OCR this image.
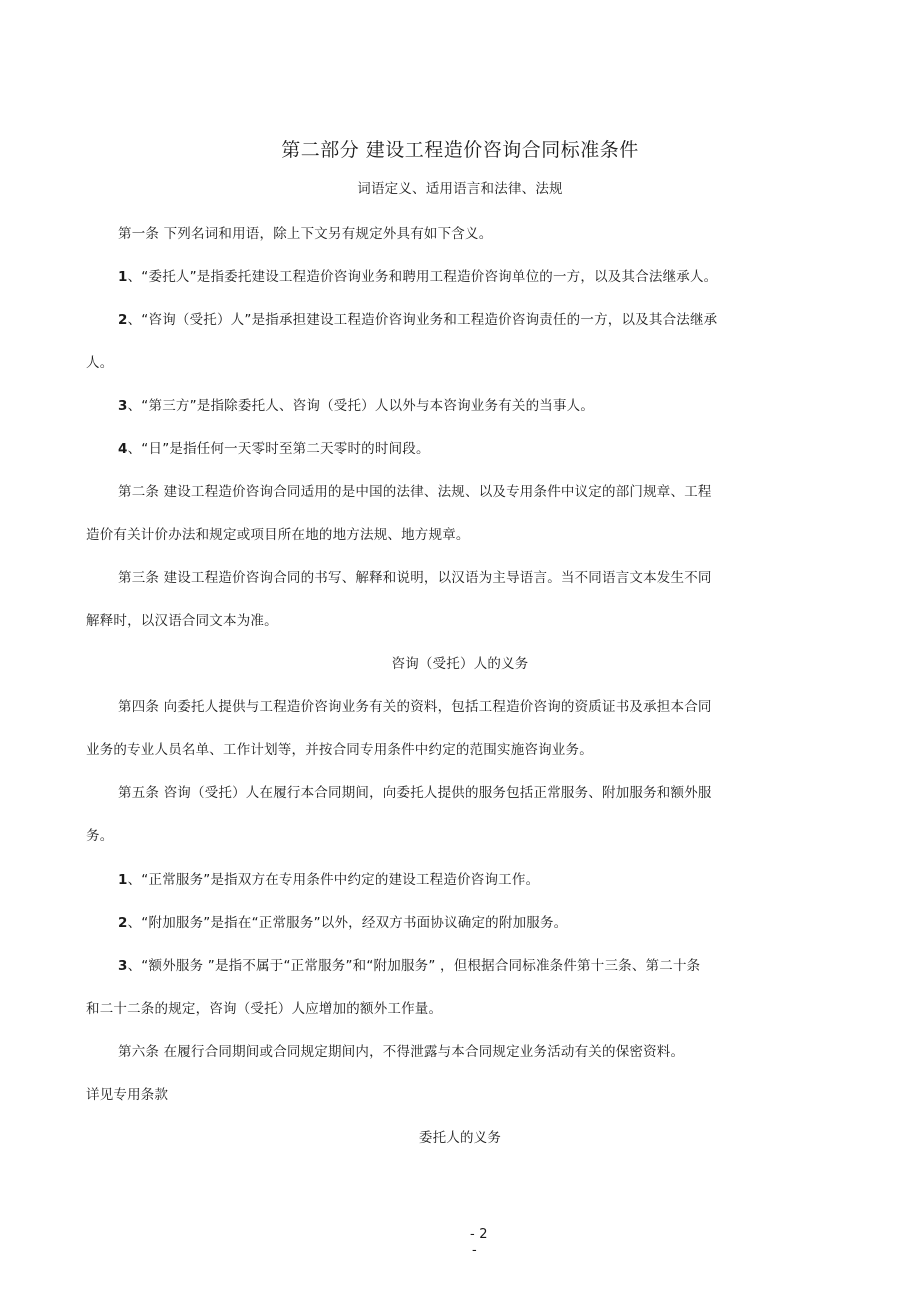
第二部分 建设工程造价咨询合同标准条件
词语定义、适用语言和法律、法规
第一条 下列名词和用语，除上下文另有规定外具有如下含义。
1、“委托人”是指委托建设工程造价咨询业务和聘用工程造价咨询单位的一方，以及其合法继承人。
2、“咨询（受托）人”是指承担建设工程造价咨询业务和工程造价咨询责任的一方，以及其合法继承
人。
3、“第三方”是指除委托人、咨询（受托）人以外与本咨询业务有关的当事人。
4、“日”是指任何一天零时至第二天零时的时间段。
第二条 建设工程造价咨询合同适用的是中国的法律、法规、以及专用条件中议定的部门规章、工程
造价有关计价办法和规定或项目所在地的地方法规、地方规章。
第三条 建设工程造价咨询合同的书写、解释和说明，以汉语为主导语言。当不同语言文本发生不同
解释时，以汉语合同文本为准。
咨询（受托）人的义务
第四条 向委托人提供与工程造价咨询业务有关的资料，包括工程造价咨询的资质证书及承担本合同
业务的专业人员名单、工作计划等，并按合同专用条件中约定的范围实施咨询业务。
第五条 咨询（受托）人在履行本合同期间，向委托人提供的服务包括正常服务、附加服务和额外服
务。
1、“正常服务”是指双方在专用条件中约定的建设工程造价咨询工作。
2、“附加服务”是指在“正常服务”以外，经双方书面协议确定的附加服务。
3、“额外服务 ”是指不属于“正常服务”和“附加服务” ，但根据合同标准条件第十三条、第二十条
和二十二条的规定，咨询（受托）人应增加的额外工作量。
第六条 在履行合同期间或合同规定期间内，不得泄露与本合同规定业务活动有关的保密资料。
详见专用条款
委托人的义务
- 2
-
